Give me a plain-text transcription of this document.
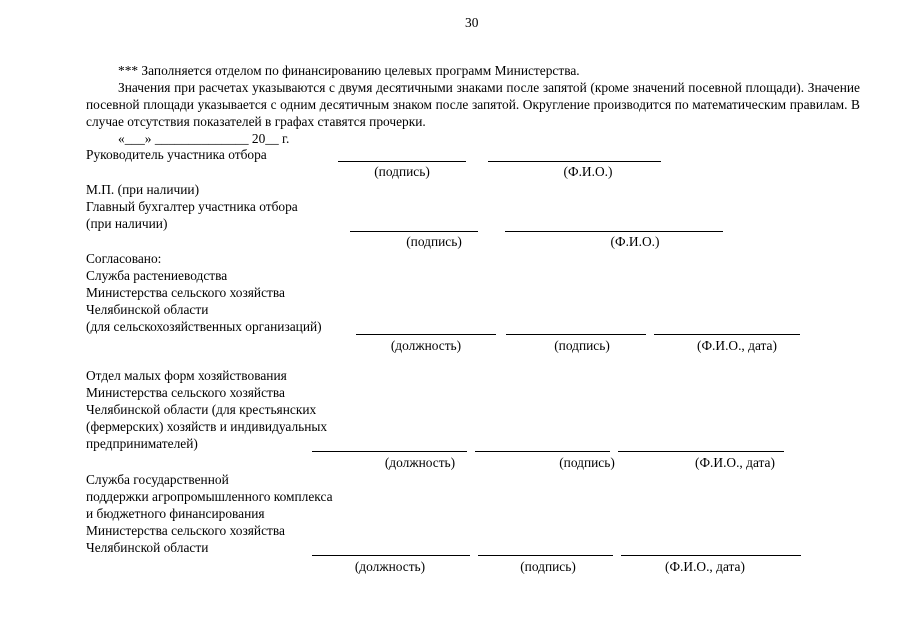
30
*** Заполняется отделом по финансированию целевых программ Министерства.
Значения при расчетах указываются с двумя десятичными знаками после запятой (кроме значений посевной площади). Значение посевной площади указывается с одним десятичным знаком после запятой. Округление производится по математическим правилам. В случае отсутствия показателей в графах ставятся прочерки.
«___» ______________ 20__ г.
Руководитель участника отбора
(подпись)	(Ф.И.О.)
М.П. (при наличии)
Главный бухгалтер участника отбора
(при наличии)
(подпись)	(Ф.И.О.)
Согласовано:
Служба растениеводства
Министерства сельского хозяйства
Челябинской области
(для сельскохозяйственных организаций)
(должность)	(подпись)	(Ф.И.О., дата)
Отдел малых форм хозяйствования
Министерства сельского хозяйства
Челябинской области (для крестьянских
(фермерских) хозяйств и индивидуальных
предпринимателей)
(должность)	(подпись)	(Ф.И.О., дата)
Служба государственной
поддержки агропромышленного комплекса
и бюджетного финансирования
Министерства сельского хозяйства
Челябинской области
(должность)	(подпись)	(Ф.И.О., дата)
